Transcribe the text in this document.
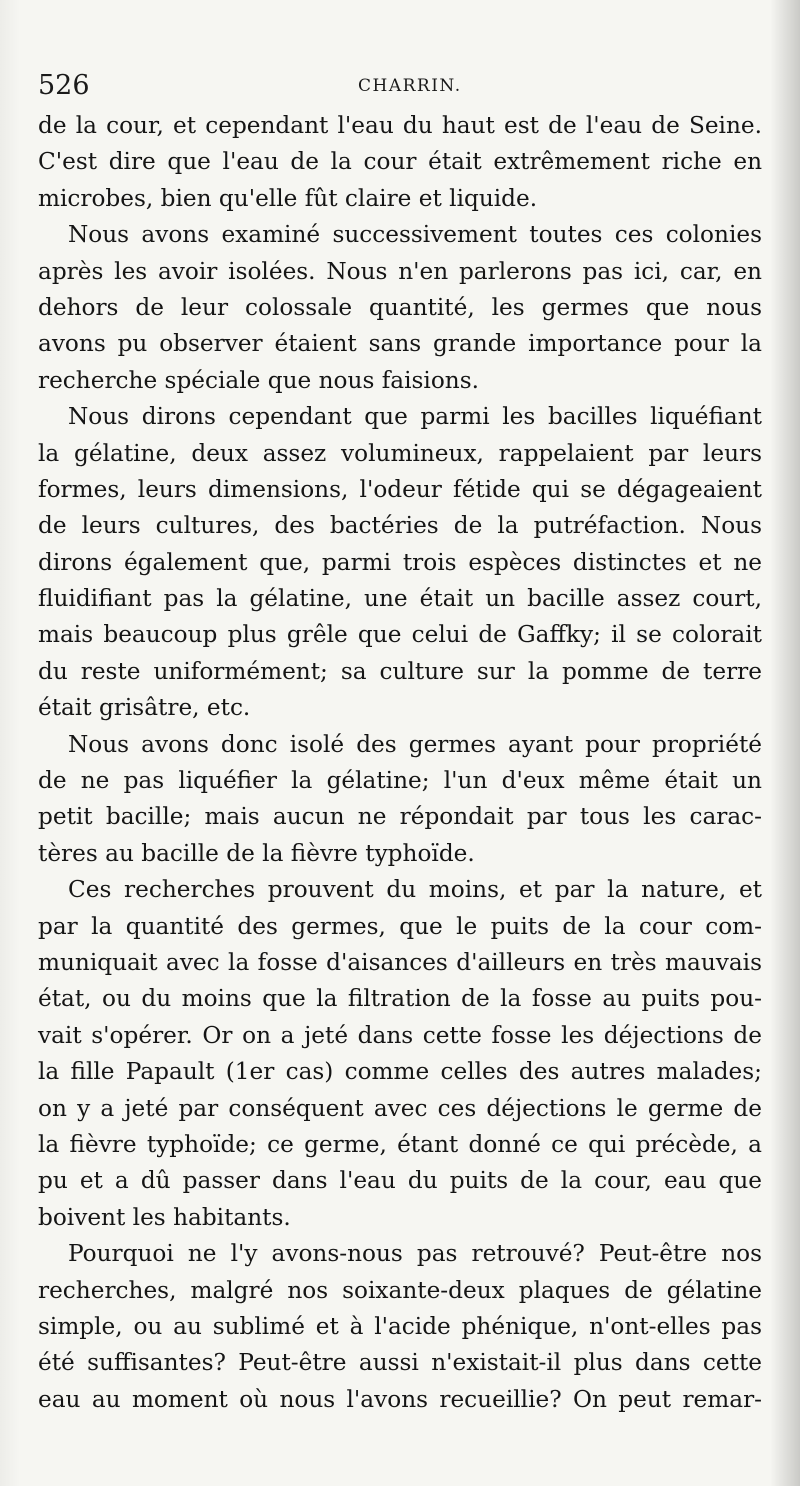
526	CHARRIN.
de la cour, et cependant l'eau du haut est de l'eau de Seine.
C'est dire que l'eau de la cour était extrêmement riche en
microbes, bien qu'elle fût claire et liquide.
Nous avons examiné successivement toutes ces colonies
après les avoir isolées. Nous n'en parlerons pas ici, car, en
dehors de leur colossale quantité, les germes que nous
avons pu observer étaient sans grande importance pour la
recherche spéciale que nous faisions.
Nous dirons cependant que parmi les bacilles liquéfiant
la gélatine, deux assez volumineux, rappelaient par leurs
formes, leurs dimensions, l'odeur fétide qui se dégageaient
de leurs cultures, des bactéries de la putréfaction. Nous
dirons également que, parmi trois espèces distinctes et ne
fluidifiant pas la gélatine, une était un bacille assez court,
mais beaucoup plus grêle que celui de Gaffky; il se colorait
du reste uniformément; sa culture sur la pomme de terre
était grisâtre, etc.
Nous avons donc isolé des germes ayant pour propriété
de ne pas liquéfier la gélatine; l'un d'eux même était un
petit bacille; mais aucun ne répondait par tous les carac-
tères au bacille de la fièvre typhoïde.
Ces recherches prouvent du moins, et par la nature, et
par la quantité des germes, que le puits de la cour com-
muniquait avec la fosse d'aisances d'ailleurs en très mauvais
état, ou du moins que la filtration de la fosse au puits pou-
vait s'opérer. Or on a jeté dans cette fosse les déjections de
la fille Papault (1er cas) comme celles des autres malades;
on y a jeté par conséquent avec ces déjections le germe de
la fièvre typhoïde; ce germe, étant donné ce qui précède, a
pu et a dû passer dans l'eau du puits de la cour, eau que
boivent les habitants.
Pourquoi ne l'y avons-nous pas retrouvé? Peut-être nos
recherches, malgré nos soixante-deux plaques de gélatine
simple, ou au sublimé et à l'acide phénique, n'ont-elles pas
été suffisantes? Peut-être aussi n'existait-il plus dans cette
eau au moment où nous l'avons recueillie? On peut remar-
